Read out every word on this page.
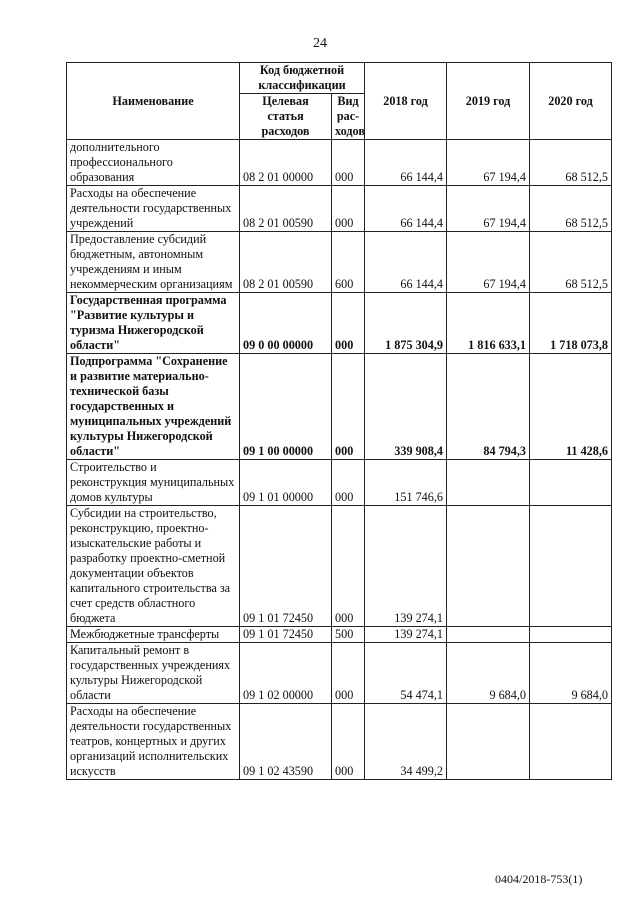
24
Наименование	Код бюджетной классификации		2018 год	2019 год	2020 год
	Целевая статья расходов	Вид рас-ходов			
дополнительного профессионального образования	08 2 01 00000	000	66 144,4	67 194,4	68 512,5
Расходы на обеспечение деятельности государственных учреждений	08 2 01 00590	000	66 144,4	67 194,4	68 512,5
Предоставление субсидий бюджетным, автономным учреждениям и иным некоммерческим организациям	08 2 01 00590	600	66 144,4	67 194,4	68 512,5
Государственная программа "Развитие культуры и туризма Нижегородской области"	09 0 00 00000	000	1 875 304,9	1 816 633,1	1 718 073,8
Подпрограмма "Сохранение и развитие материально-технической базы государственных и муниципальных учреждений культуры Нижегородской области"	09 1 00 00000	000	339 908,4	84 794,3	11 428,6
Строительство и реконструкция муниципальных домов культуры	09 1 01 00000	000	151 746,6		
Субсидии на строительство, реконструкцию, проектно-изыскательские работы и разработку проектно-сметной документации объектов капитального строительства за счет средств областного бюджета	09 1 01 72450	000	139 274,1		
Межбюджетные трансферты	09 1 01 72450	500	139 274,1		
Капитальный ремонт в государственных учреждениях культуры Нижегородской области	09 1 02 00000	000	54 474,1	9 684,0	9 684,0
Расходы на обеспечение деятельности государственных театров, концертных и других организаций исполнительских искусств	09 1 02 43590	000	34 499,2		
0404/2018-753(1)
